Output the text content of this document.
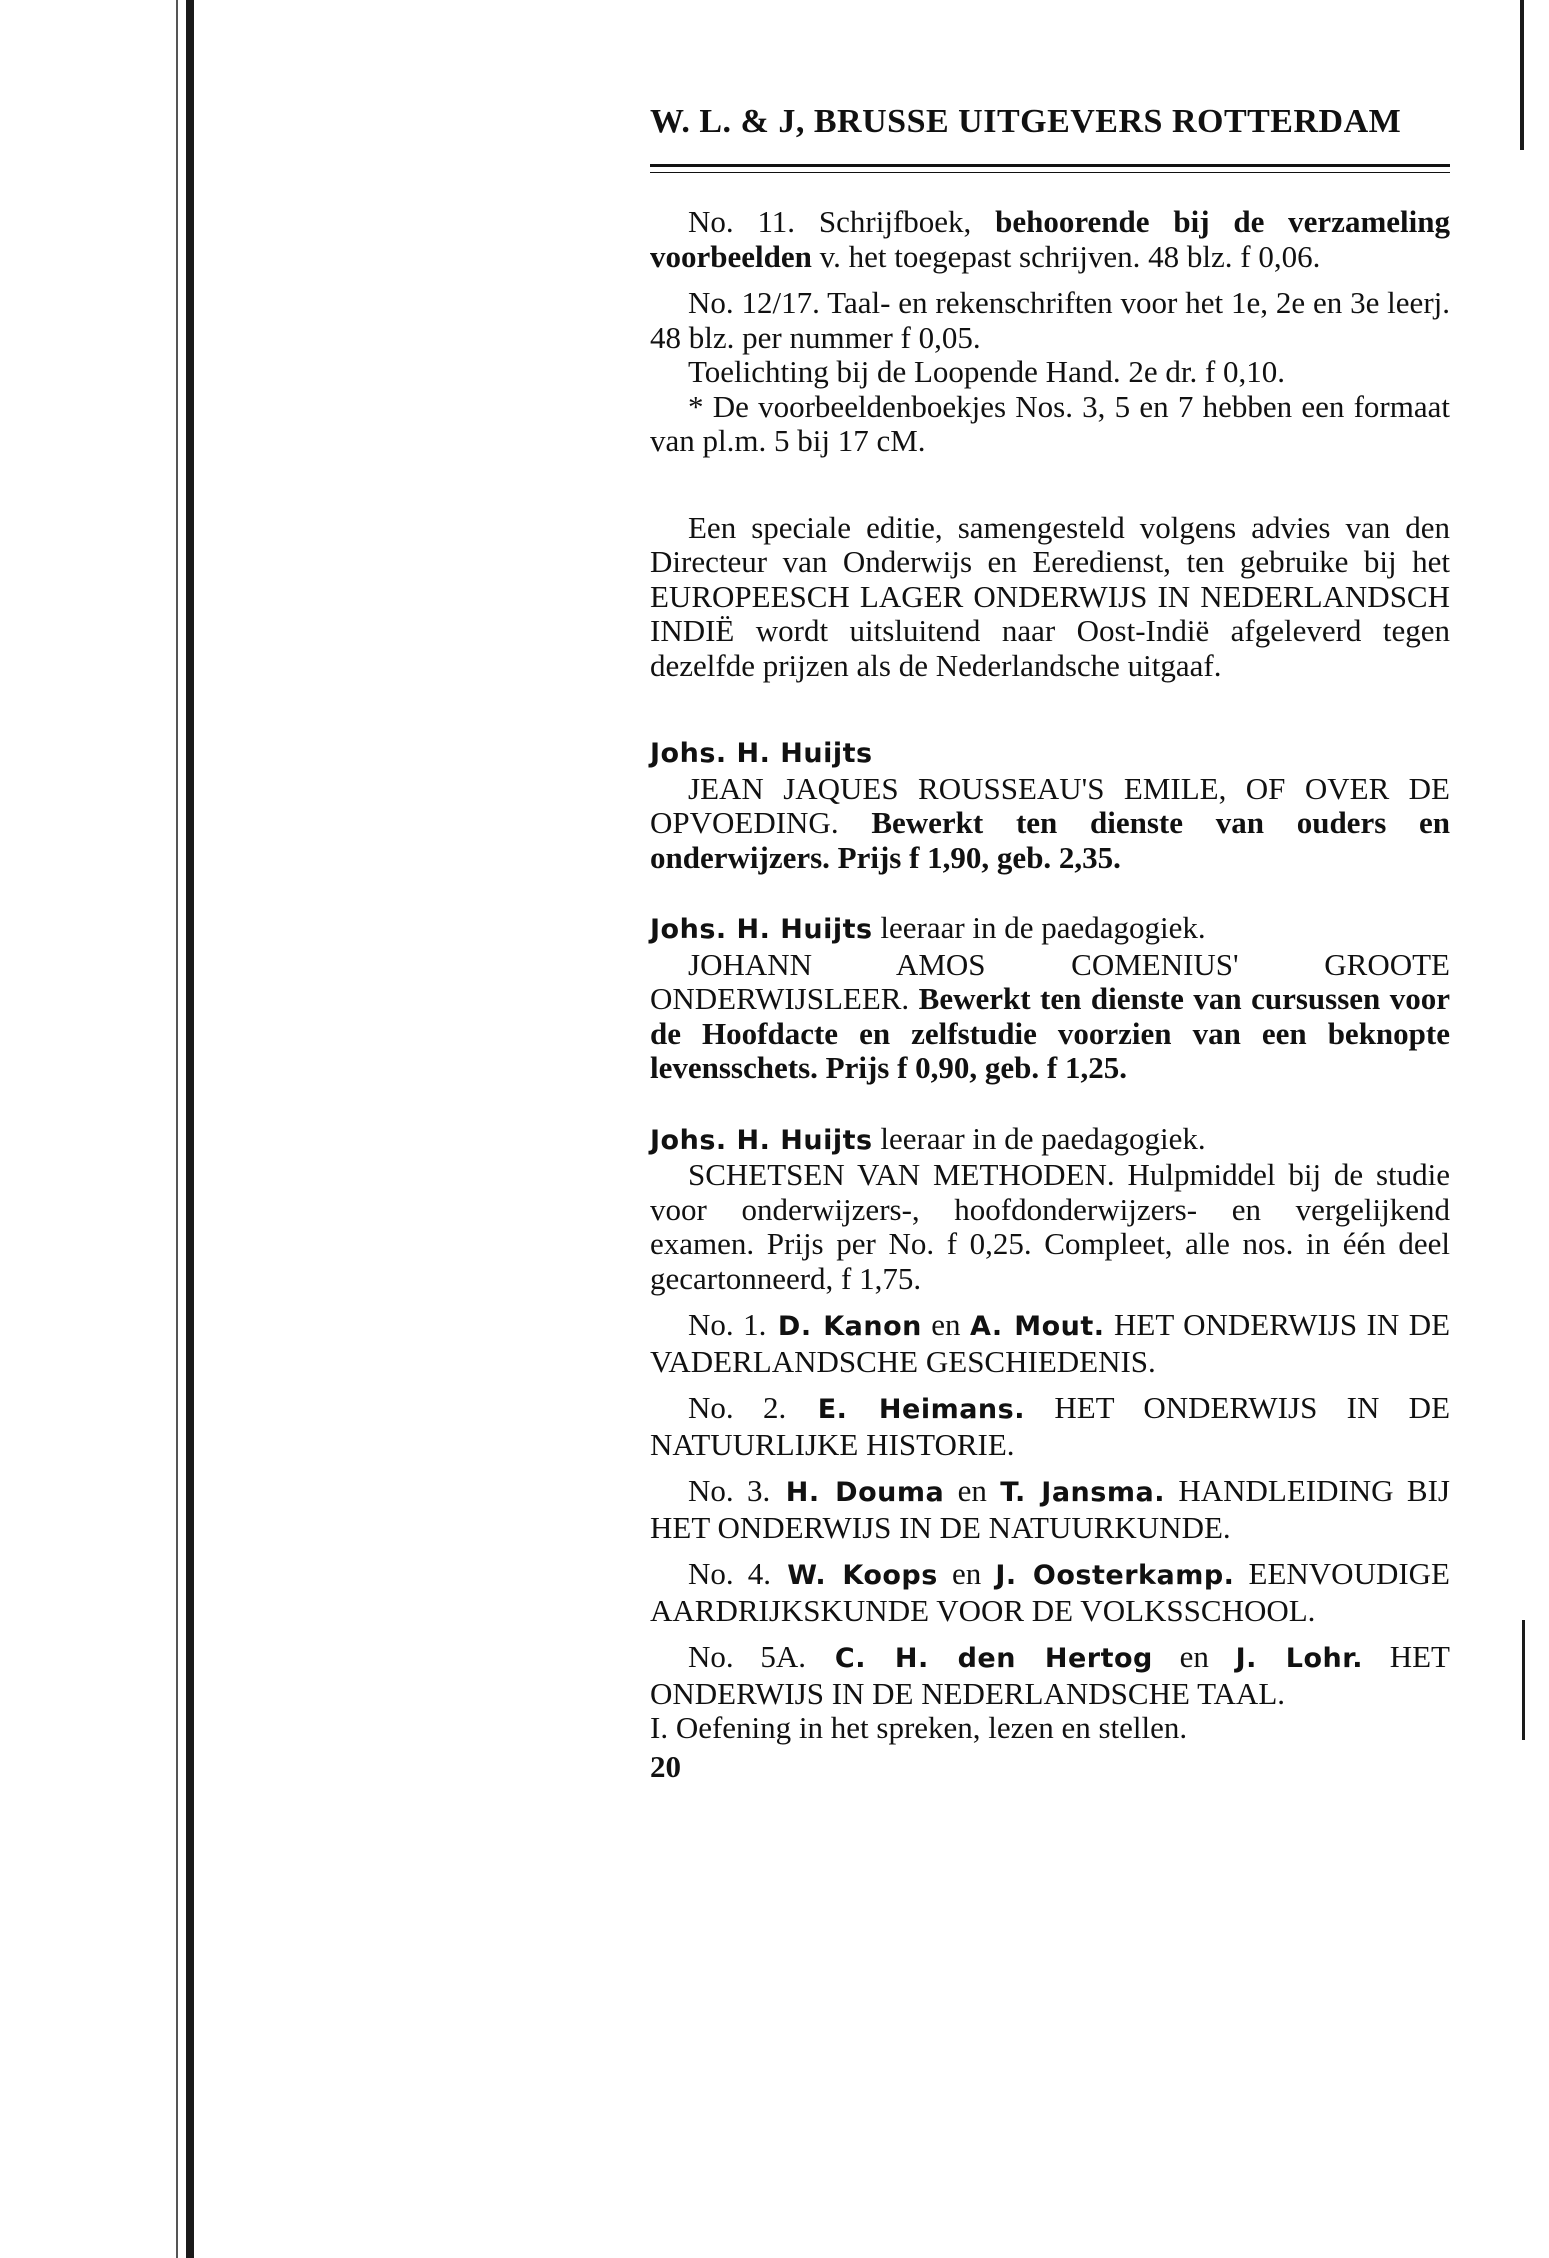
W. L. & J, BRUSSE UITGEVERS ROTTERDAM

No. 11. Schrijfboek, behoorende bij de verzameling voorbeelden v. het toegepast schrijven. 48 blz. f 0,06.

No. 12/17. Taal- en rekenschriften voor het 1e, 2e en 3e leerj. 48 blz. per nummer f 0,05.

Toelichting bij de Loopende Hand. 2e dr. f 0,10.

* De voorbeeldenboekjes Nos. 3, 5 en 7 hebben een formaat van pl.m. 5 bij 17 cM.

Een speciale editie, samengesteld volgens advies van den Directeur van Onderwijs en Eeredienst, ten gebruike bij het EUROPEESCH LAGER ONDERWIJS IN NEDERLANDSCH INDIË wordt uitsluitend naar Oost-Indië afgeleverd tegen dezelfde prijzen als de Nederlandsche uitgaaf.

Johs. H. Huijts
JEAN JAQUES ROUSSEAU'S EMILE, OF OVER DE OPVOEDING. Bewerkt ten dienste van ouders en onderwijzers. Prijs f 1,90, geb. 2,35.

Johs. H. Huijts leeraar in de paedagogiek.
JOHANN AMOS COMENIUS' GROOTE ONDERWIJSLEER. Bewerkt ten dienste van cursussen voor de Hoofdacte en zelfstudie voorzien van een beknopte levensschets. Prijs f 0,90, geb. f 1,25.

Johs. H. Huijts leeraar in de paedagogiek.
SCHETSEN VAN METHODEN. Hulpmiddel bij de studie voor onderwijzers-, hoofdonderwijzers- en vergelijkend examen. Prijs per No. f 0,25. Compleet, alle nos. in één deel gecartonneerd, f 1,75.

No. 1. D. Kanon en A. Mout. HET ONDERWIJS IN DE VADERLANDSCHE GESCHIEDENIS.

No. 2. E. Heimans. HET ONDERWIJS IN DE NATUURLIJKE HISTORIE.

No. 3. H. Douma en T. Jansma. HANDLEIDING BIJ HET ONDERWIJS IN DE NATUURKUNDE.

No. 4. W. Koops en J. Oosterkamp. EENVOUDIGE AARDRIJKSKUNDE VOOR DE VOLKSSCHOOL.

No. 5A. C. H. den Hertog en J. Lohr. HET ONDERWIJS IN DE NEDERLANDSCHE TAAL.

I. Oefening in het spreken, lezen en stellen.

20
